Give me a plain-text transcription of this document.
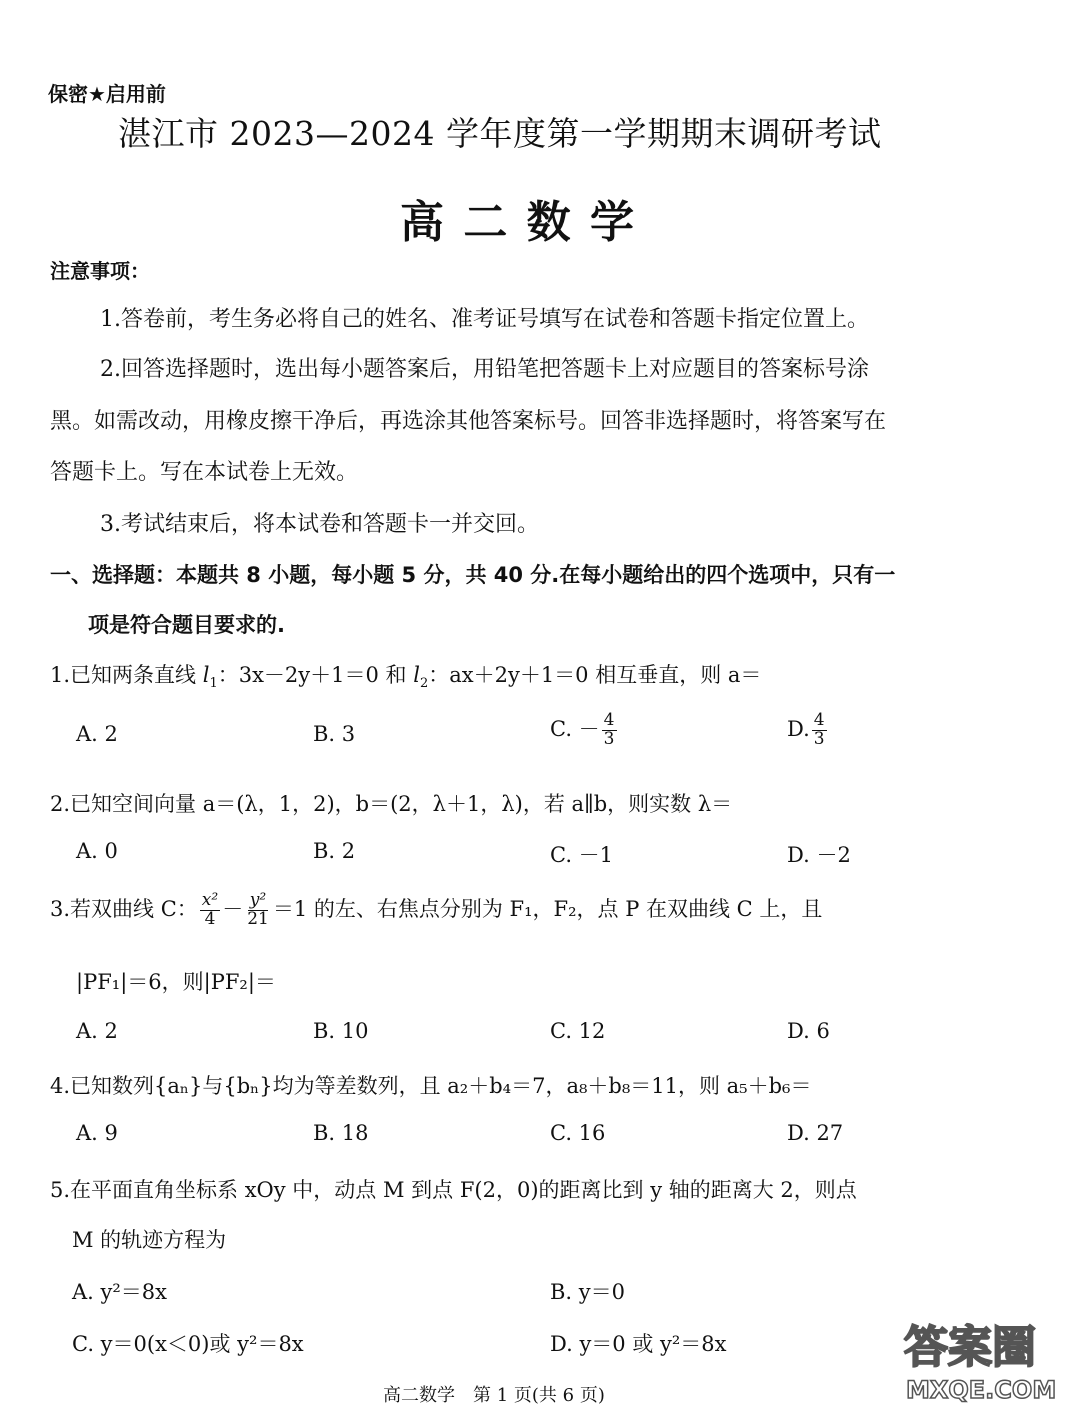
保密★启用前
湛江市 2023—2024 学年度第一学期期末调研考试
高 二 数 学
注意事项：
1.答卷前，考生务必将自己的姓名、准考证号填写在试卷和答题卡指定位置上。
2.回答选择题时，选出每小题答案后，用铅笔把答题卡上对应题目的答案标号涂
黑。如需改动，用橡皮擦干净后，再选涂其他答案标号。回答非选择题时，将答案写在
答题卡上。写在本试卷上无效。
3.考试结束后，将本试卷和答题卡一并交回。
一、选择题：本题共 8 小题，每小题 5 分，共 40 分.在每小题给出的四个选项中，只有一
项是符合题目要求的.
1.已知两条直线 $l_1$：3x－2y＋1＝0 和 $l_2$：ax＋2y＋1＝0 相互垂直，则 a＝
A. 2	B. 3	C. － $\frac{4}{3}$	D. $\frac{4}{3}$
2.已知空间向量 a＝(λ，1，2)，b＝(2，λ＋1，λ)，若 a∥b，则实数 λ＝
A. 0	B. 2	C. －1	D. －2
3.若双曲线 C： $\frac{\text{x²}}{4} - \frac{\text{y²}}{21} =1$ 的左、右焦点分别为 F₁，F₂，点 P 在双曲线 C 上，且
|PF₁|＝6，则|PF₂|＝
A. 2	B. 10	C. 12	D. 6
4.已知数列{aₙ}与{bₙ}均为等差数列，且 a₂＋b₄＝7，a₈＋b₈＝11，则 a₅＋b₆＝
A. 9	B. 18	C. 16	D. 27
5.在平面直角坐标系 xOy 中，动点 M 到点 F(2，0)的距离比到 y 轴的距离大 2，则点
M 的轨迹方程为
A. y²＝8x	B. y＝0
C. y＝0(x＜0)或 y²＝8x	D. y＝0 或 y²＝8x
高二数学　第 1 页(共 6 页)
答案圈
MXQE.COM
